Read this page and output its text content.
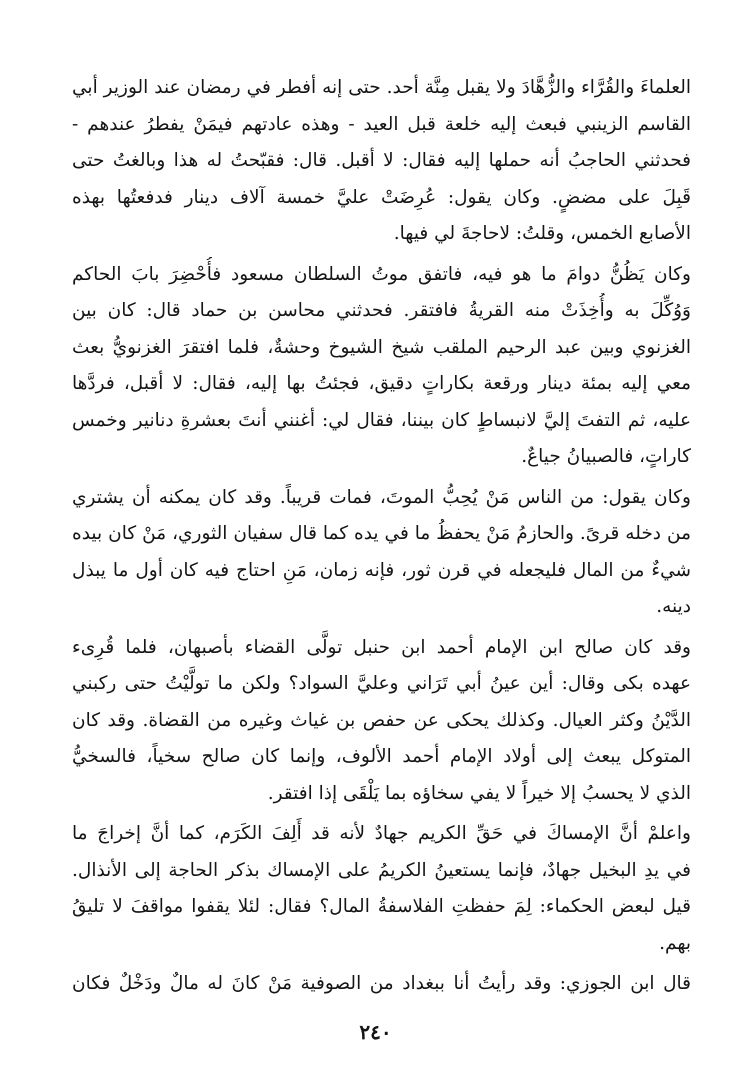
العلماءَ والقُرَّاء والزُّهَّادَ ولا يقبل مِنَّة أحد. حتى إنه أفطر في رمضان عند الوزير أبي
القاسم الزينبي فبعث إليه خلعة قبل العيد - وهذه عادتهم فيمَنْ يفطرُ عندهم -
فحدثني الحاجبُ أنه حملها إليه فقال: لا أقبل. قال: فقبّحتُ له هذا وبالغتُ حتى
قَبِلَ على مضضٍ. وكان يقول: عُرِضَتْ عليَّ خمسة آلاف دينار فدفعتُها بهذه
الأصابع الخمس، وقلتُ: لاحاجةَ لي فيها.
وكان يَظُنُّ دوامَ ما هو فيه، فاتفق موتُ السلطان مسعود فأُحْضِرَ بابَ الحاكم
وَوُكِّلَ به وأُخِذَتْ منه القريةُ فافتقر. فحدثني محاسن بن حماد قال: كان بين
الغزنوي وبين عبد الرحيم الملقب شيخ الشيوخ وحشةٌ، فلما افتقرَ الغزنويُّ بعث
معي إليه بمئة دينار ورقعة بكاراتٍ دقيق، فجئتُ بها إليه، فقال: لا أقبل، فردَّها
عليه، ثم التفتَ إليَّ لانبساطٍ كان بيننا، فقال لي: أغنني أنتَ بعشرةِ دنانير وخمس
كاراتٍ، فالصبيانُ جياعٌ.
وكان يقول: من الناس مَنْ يُحِبُّ الموتَ، فمات قريباً. وقد كان يمكنه أن يشتري
من دخله قرىً. والحازمُ مَنْ يحفظُ ما في يده كما قال سفيان الثوري، مَنْ كان بيده
شيءٌ من المال فليجعله في قرن ثور، فإنه زمان، مَنِ احتاج فيه كان أول ما يبذل
دينه.
وقد كان صالح ابن الإمام أحمد ابن حنبل تولَّى القضاء بأصبهان، فلما قُرِىء
عهده بكى وقال: أين عينُ أبي تَرَاني وعليَّ السواد؟ ولكن ما تولَّيْتُ حتى ركبني
الدَّيْنُ وكثر العيال. وكذلك يحكى عن حفص بن غياث وغيره من القضاة. وقد كان
المتوكل يبعث إلى أولاد الإمام أحمد الألوف، وإنما كان صالح سخياً، فالسخيُّ
الذي لا يحسبُ إلا خيراً لا يفي سخاؤه بما يَلْقَى إذا افتقر.
واعلمْ أنَّ الإمساكَ في حَقِّ الكريم جهادٌ لأنه قد أَلِفَ الكَرَم، كما أنَّ إخراجَ ما
في يدِ البخيل جهادٌ، فإنما يستعينُ الكريمُ على الإمساك بذكر الحاجة إلى الأنذال.
قيل لبعض الحكماء: لِمَ حفظتِ الفلاسفةُ المال؟ فقال: لئلا يقفوا مواقفَ لا تليقُ
بهم.
قال ابن الجوزي: وقد رأيتُ أنا ببغداد من الصوفية مَنْ كانَ له مالٌ ودَخْلٌ فكان
٢٤٠
